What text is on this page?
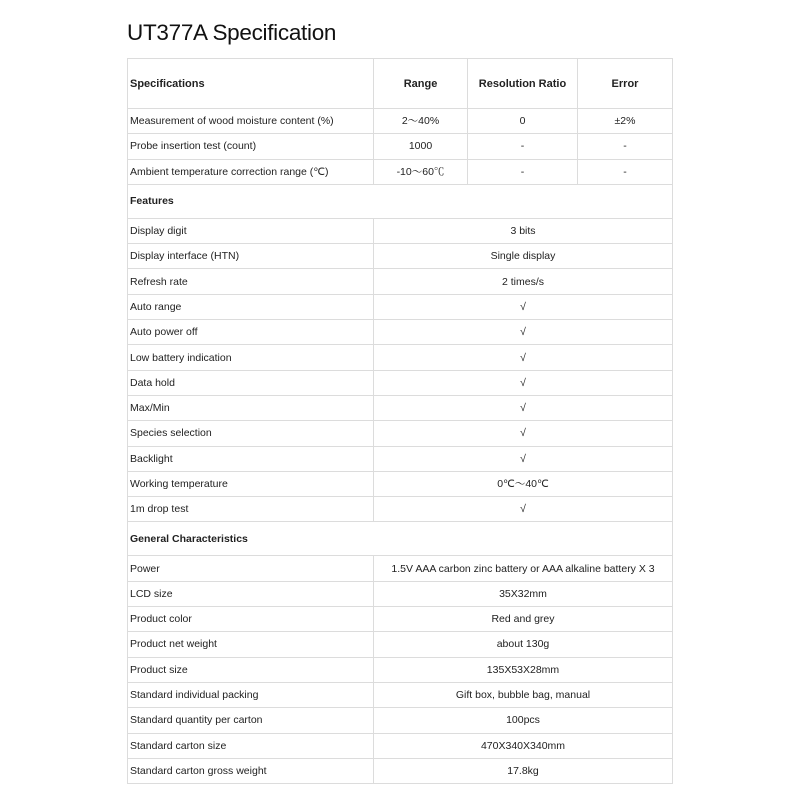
UT377A Specification
Specifications	Range	Resolution Ratio	Error
Measurement of wood moisture content (%)	2～40%	0	±2%
Probe insertion test (count)	1000	-	-
Ambient temperature correction range (℃)	-10～60℃	-	-
Features			
Display digit	3 bits		
Display interface (HTN)	Single display		
Refresh rate	2 times/s		
Auto range	√		
Auto power off	√		
Low battery indication	√		
Data hold	√		
Max/Min	√		
Species selection	√		
Backlight	√		
Working temperature	0℃～40℃		
1m drop test	√		
General Characteristics			
Power	1.5V AAA carbon zinc battery or AAA alkaline battery X 3		
LCD size	35X32mm		
Product color	Red and grey		
Product net weight	about 130g		
Product size	135X53X28mm		
Standard individual packing	Gift box, bubble bag, manual		
Standard quantity per carton	100pcs		
Standard carton size	470X340X340mm		
Standard carton gross weight	17.8kg		
